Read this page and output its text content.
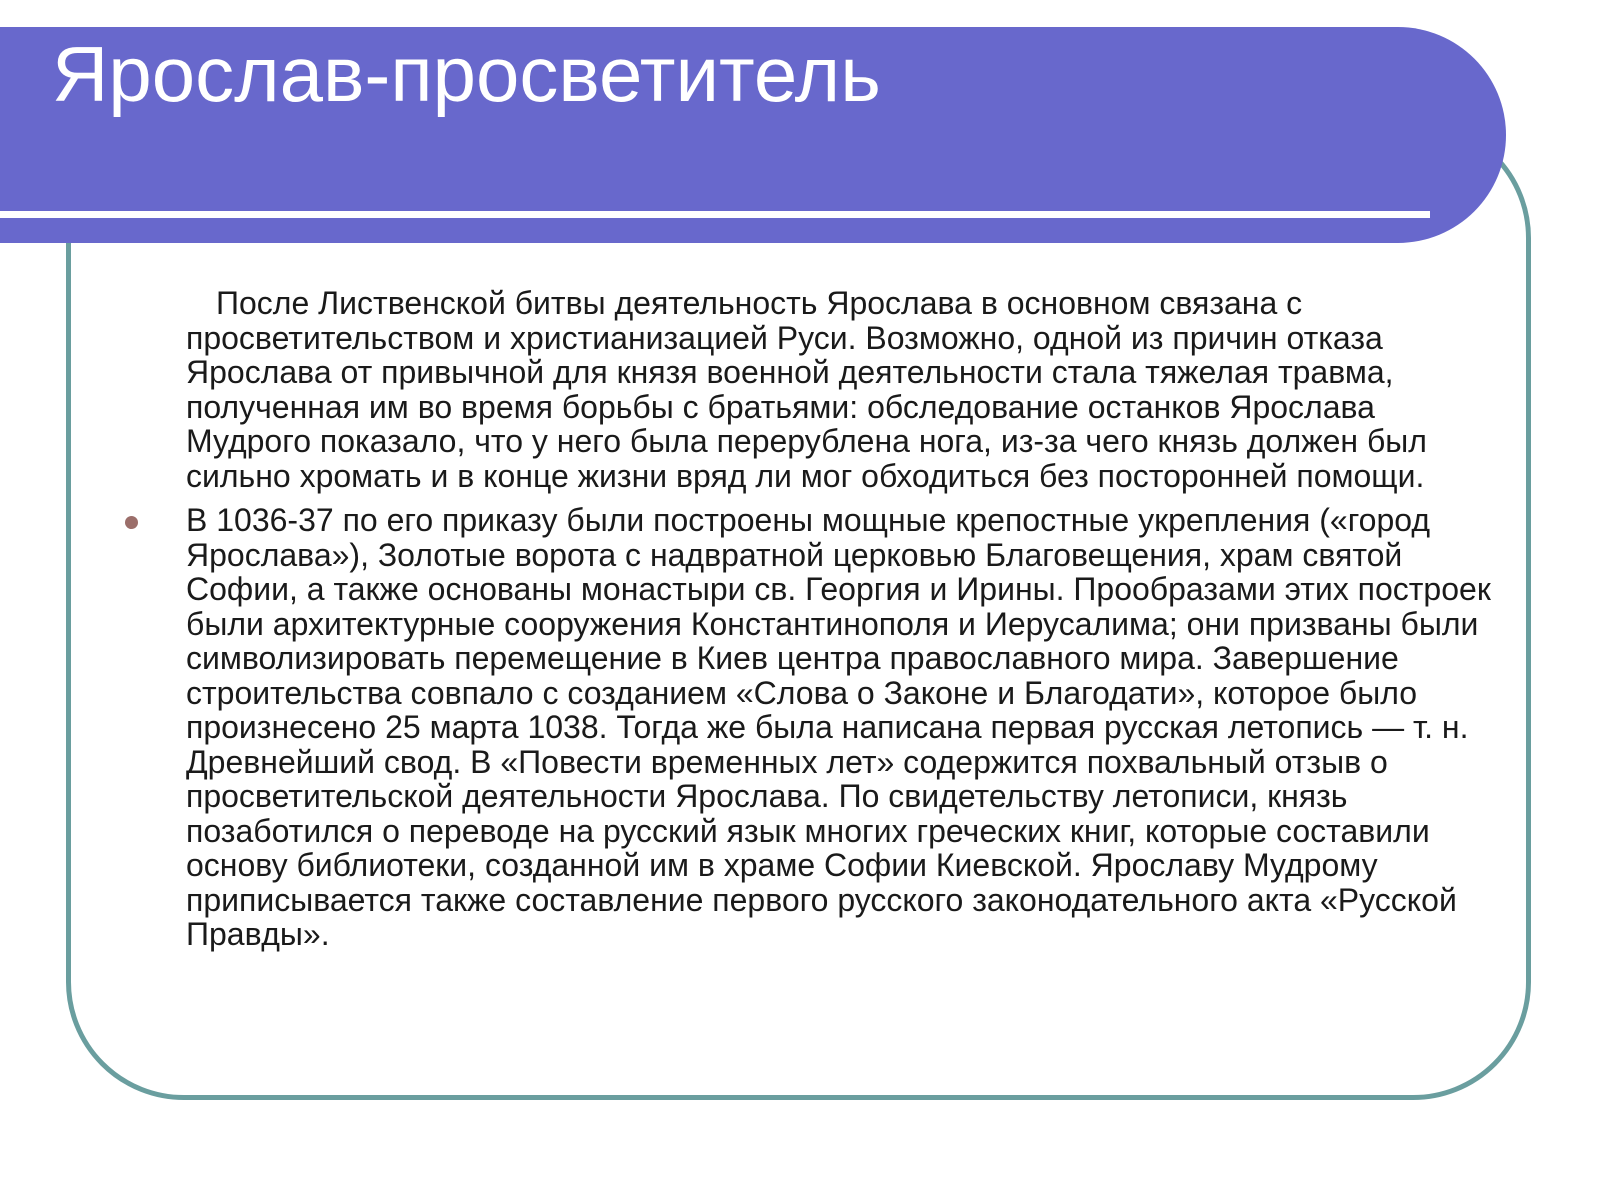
Ярослав-просветитель

После Лиственской битвы деятельность Ярослава в основном связана с просветительством и христианизацией Руси. Возможно, одной из причин отказа Ярослава от привычной для князя военной деятельности стала тяжелая травма, полученная им во время борьбы с братьями: обследование останков Ярослава Мудрого показало, что у него была перерублена нога, из-за чего князь должен был сильно хромать и в конце жизни вряд ли мог обходиться без посторонней помощи.

В 1036-37 по его приказу были построены мощные крепостные укрепления («город Ярослава»), Золотые ворота с надвратной церковью Благовещения, храм святой Софии, а также основаны монастыри св. Георгия и Ирины. Прообразами этих построек были архитектурные сооружения Константинополя и Иерусалима; они призваны были символизировать перемещение в Киев центра православного мира. Завершение строительства совпало с созданием «Слова о Законе и Благодати», которое было произнесено 25 марта 1038. Тогда же была написана первая русская летопись — т. н. Древнейший свод. В «Повести временных лет» содержится похвальный отзыв о просветительской деятельности Ярослава. По свидетельству летописи, князь позаботился о переводе на русский язык многих греческих книг, которые составили основу библиотеки, созданной им в храме Софии Киевской. Ярославу Мудрому приписывается также составление первого русского законодательного акта «Русской Правды».
